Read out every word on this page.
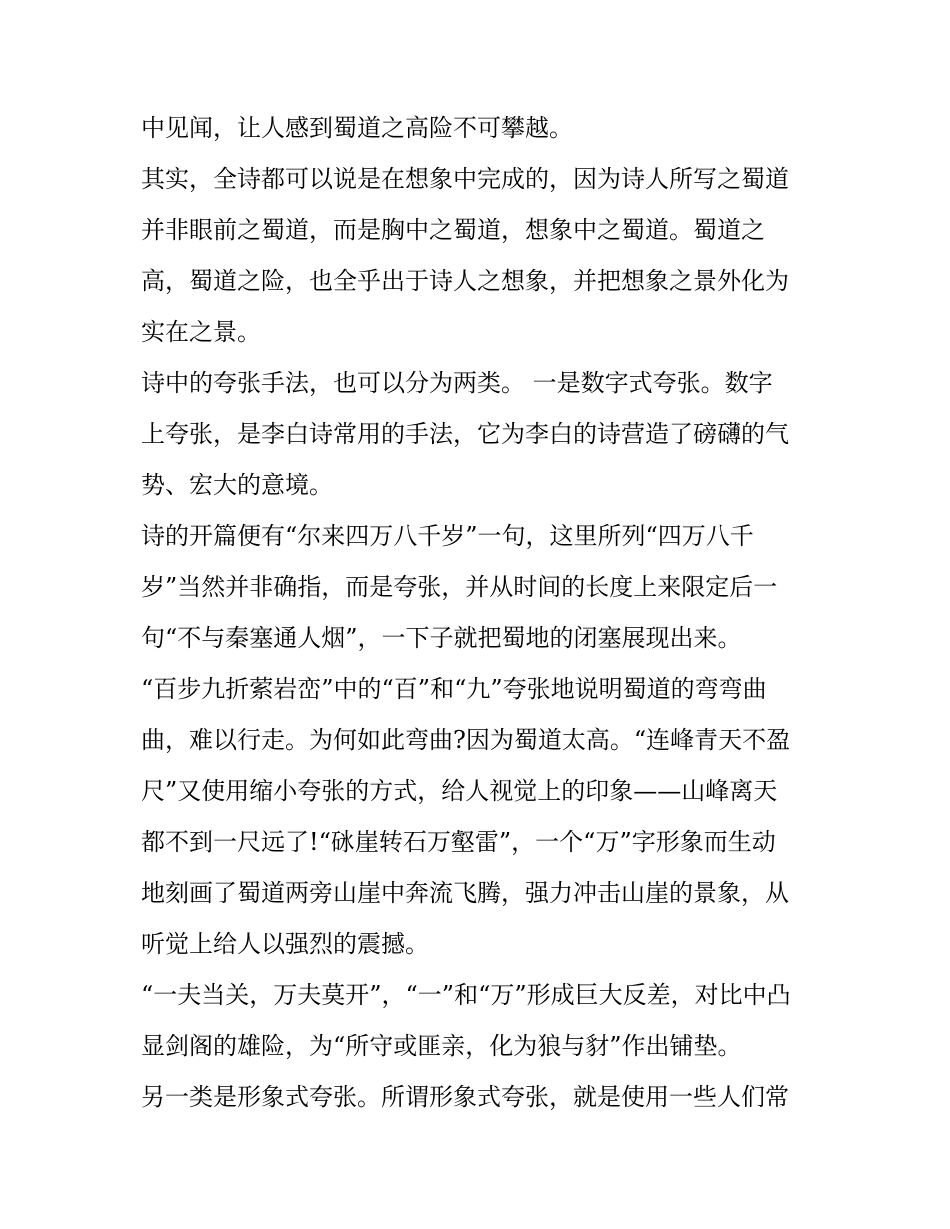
中见闻，让人感到蜀道之高险不可攀越。
其实，全诗都可以说是在想象中完成的，因为诗人所写之蜀道
并非眼前之蜀道，而是胸中之蜀道，想象中之蜀道。蜀道之
高，蜀道之险，也全乎出于诗人之想象，并把想象之景外化为
实在之景。
诗中的夸张手法，也可以分为两类。 一是数字式夸张。数字
上夸张，是李白诗常用的手法，它为李白的诗营造了磅礴的气
势、宏大的意境。
诗的开篇便有“尔来四万八千岁”一句，这里所列“四万八千
岁”当然并非确指，而是夸张，并从时间的长度上来限定后一
句“不与秦塞通人烟”，一下子就把蜀地的闭塞展现出来。
“百步九折萦岩峦”中的“百”和“九”夸张地说明蜀道的弯弯曲
曲，难以行走。为何如此弯曲?因为蜀道太高。“连峰青天不盈
尺”又使用缩小夸张的方式，给人视觉上的印象——山峰离天
都不到一尺远了!“砯崖转石万壑雷”，一个“万”字形象而生动
地刻画了蜀道两旁山崖中奔流飞腾，强力冲击山崖的景象，从
听觉上给人以强烈的震撼。
“一夫当关，万夫莫开”，“一”和“万”形成巨大反差，对比中凸
显剑阁的雄险，为“所守或匪亲，化为狼与豺”作出铺垫。
另一类是形象式夸张。所谓形象式夸张，就是使用一些人们常
